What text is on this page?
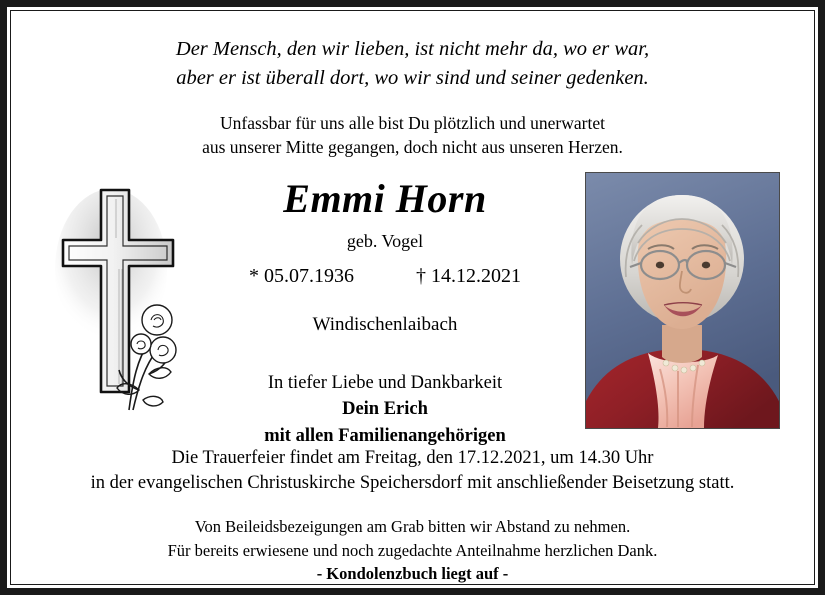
Der Mensch, den wir lieben, ist nicht mehr da, wo er war,
aber er ist überall dort, wo wir sind und seiner gedenken.
Unfassbar für uns alle bist Du plötzlich und unerwartet
aus unserer Mitte gegangen, doch nicht aus unseren Herzen.
Emmi Horn
geb. Vogel
* 05.07.1936	† 14.12.2021
Windischenlaibach
In tiefer Liebe und Dankbarkeit
Dein Erich
mit allen Familienangehörigen
Die Trauerfeier findet am Freitag, den 17.12.2021, um 14.30 Uhr
in der evangelischen Christuskirche Speichersdorf mit anschließender Beisetzung statt.
Von Beileidsbezeigungen am Grab bitten wir Abstand zu nehmen.
Für bereits erwiesene und noch zugedachte Anteilnahme herzlichen Dank.
- Kondolenzbuch liegt auf -
